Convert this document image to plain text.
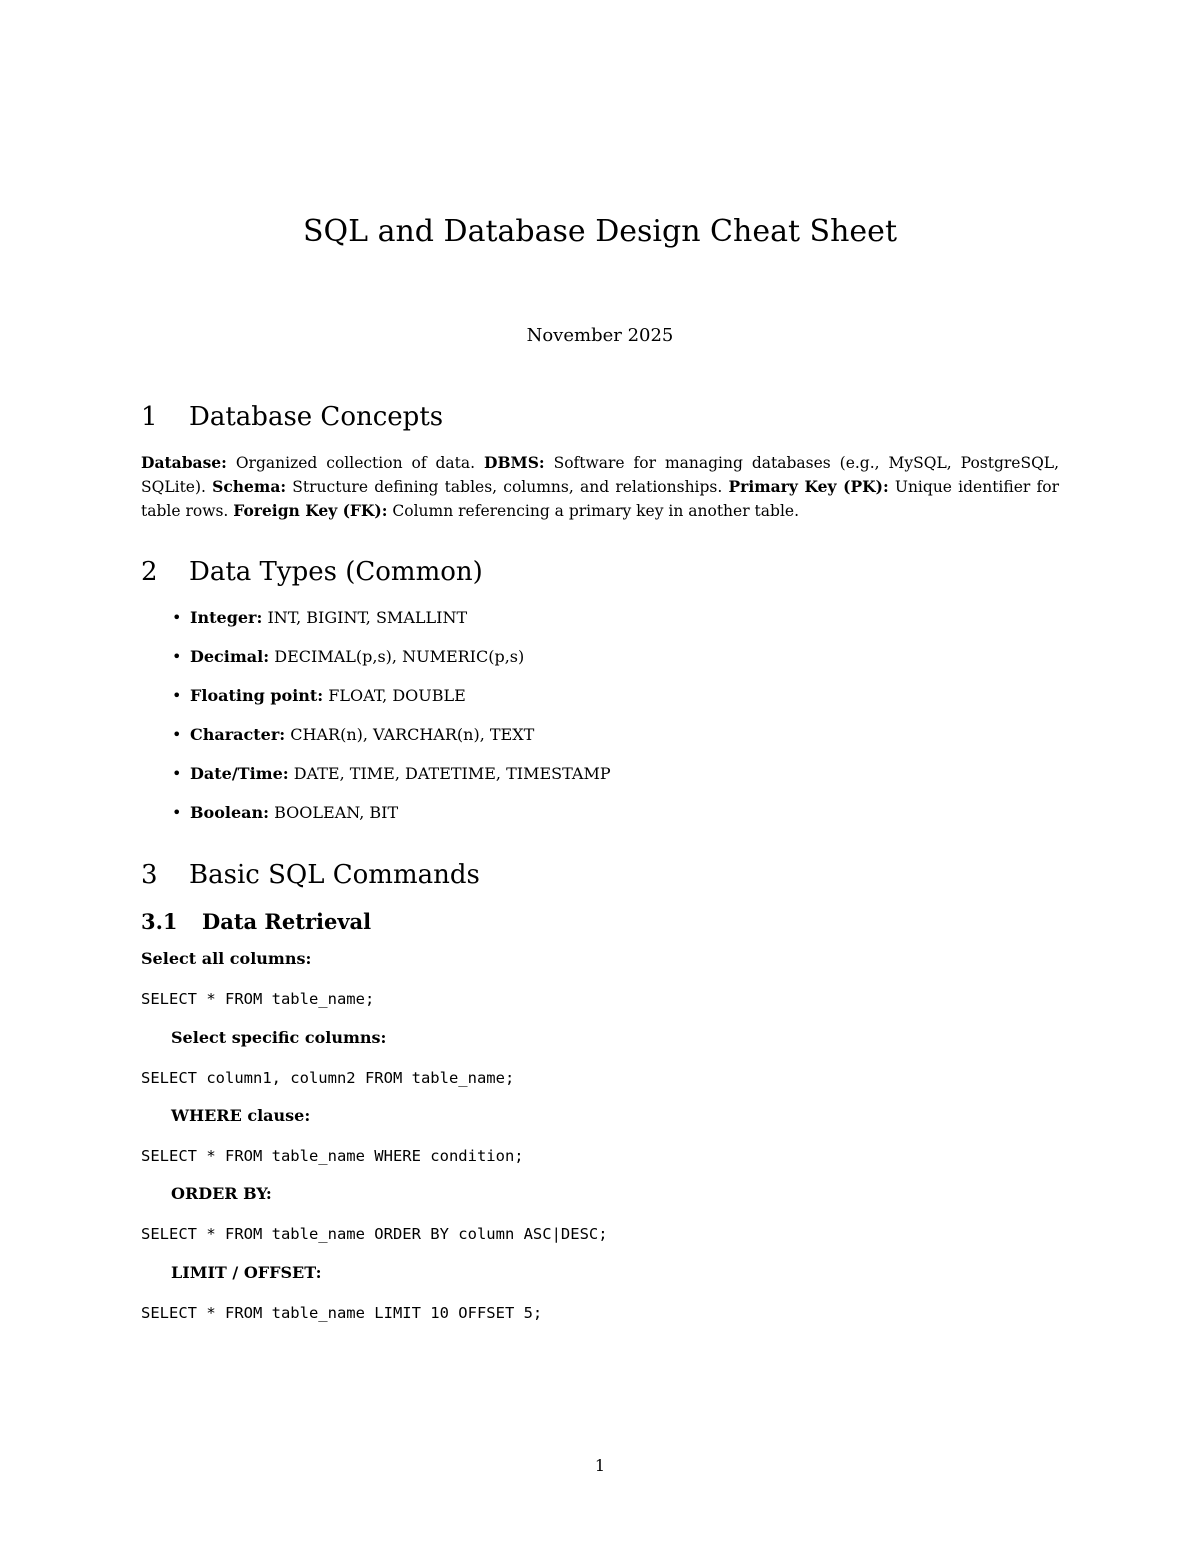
SQL and Database Design Cheat Sheet
November 2025
1 Database Concepts

Database: Organized collection of data. DBMS: Software for managing databases (e.g., MySQL, PostgreSQL, SQLite). Schema: Structure defining tables, columns, and relationships. Primary Key (PK): Unique identifier for table rows. Foreign Key (FK): Column referencing a primary key in another table.

2 Data Types (Common)
• Integer: INT, BIGINT, SMALLINT
• Decimal: DECIMAL(p,s), NUMERIC(p,s)
• Floating point: FLOAT, DOUBLE
• Character: CHAR(n), VARCHAR(n), TEXT
• Date/Time: DATE, TIME, DATETIME, TIMESTAMP
• Boolean: BOOLEAN, BIT
3 Basic SQL Commands
3.1 Data Retrieval
Select all columns:
SELECT * FROM table_name;
Select specific columns:
SELECT column1, column2 FROM table_name;
WHERE clause:
SELECT * FROM table_name WHERE condition;
ORDER BY:
SELECT * FROM table_name ORDER BY column ASC|DESC;
LIMIT / OFFSET:
SELECT * FROM table_name LIMIT 10 OFFSET 5;
1
